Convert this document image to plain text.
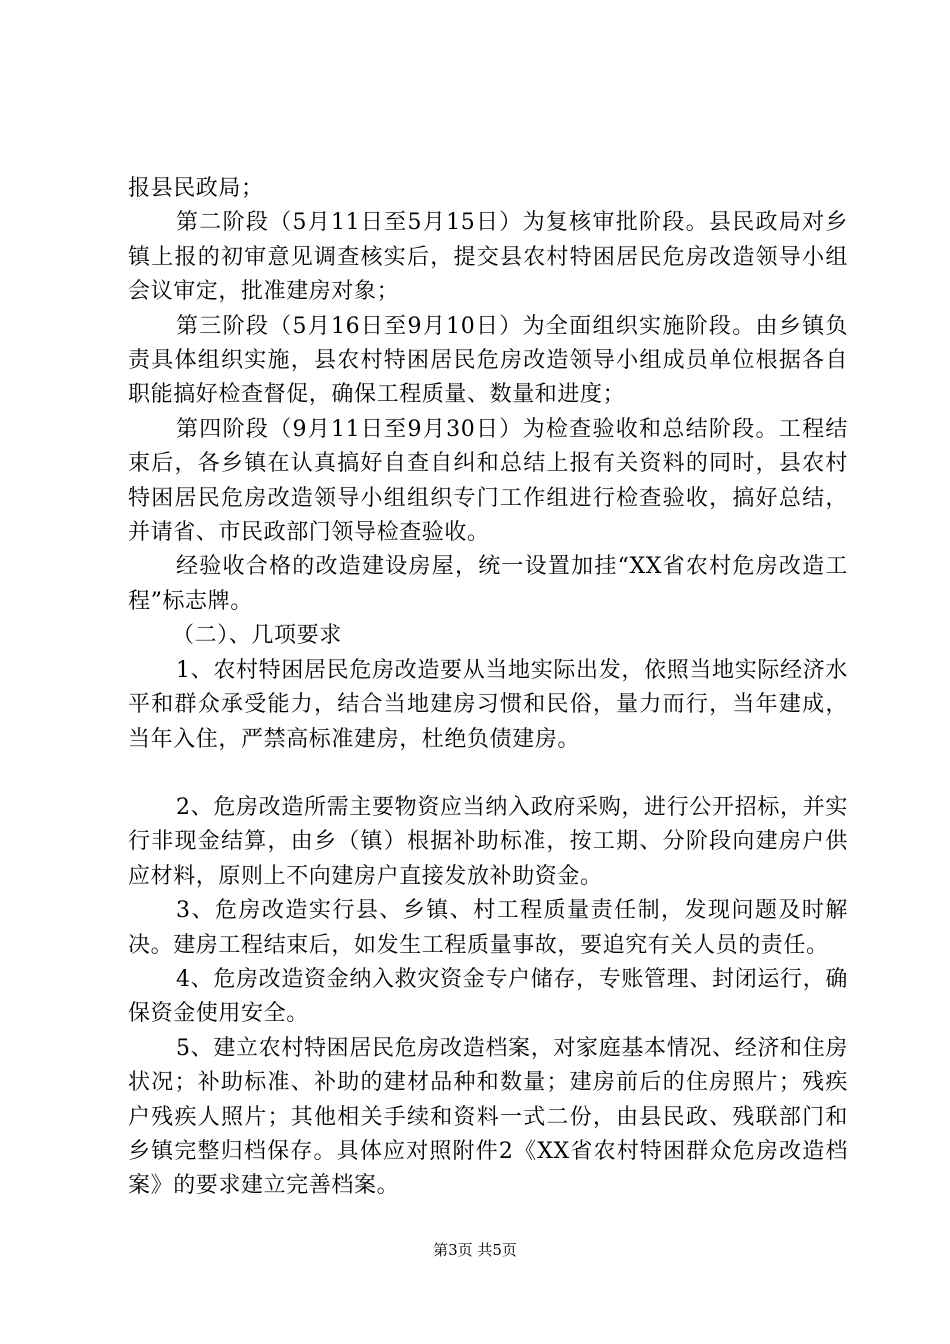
报县民政局；

第二阶段（5月11日至5月15日）为复核审批阶段。县民政局对乡镇上报的初审意见调查核实后，提交县农村特困居民危房改造领导小组会议审定，批准建房对象；

第三阶段（5月16日至9月10日）为全面组织实施阶段。由乡镇负责具体组织实施，县农村特困居民危房改造领导小组成员单位根据各自职能搞好检查督促，确保工程质量、数量和进度；

第四阶段（9月11日至9月30日）为检查验收和总结阶段。工程结束后，各乡镇在认真搞好自查自纠和总结上报有关资料的同时，县农村特困居民危房改造领导小组组织专门工作组进行检查验收，搞好总结，并请省、市民政部门领导检查验收。

经验收合格的改造建设房屋，统一设置加挂“XX省农村危房改造工程”标志牌。

（二）、几项要求

1、农村特困居民危房改造要从当地实际出发，依照当地实际经济水平和群众承受能力，结合当地建房习惯和民俗，量力而行，当年建成，当年入住，严禁高标准建房，杜绝负债建房。

2、危房改造所需主要物资应当纳入政府采购，进行公开招标，并实行非现金结算，由乡（镇）根据补助标准，按工期、分阶段向建房户供应材料，原则上不向建房户直接发放补助资金。

3、危房改造实行县、乡镇、村工程质量责任制，发现问题及时解决。建房工程结束后，如发生工程质量事故，要追究有关人员的责任。

4、危房改造资金纳入救灾资金专户储存，专账管理、封闭运行，确保资金使用安全。

5、建立农村特困居民危房改造档案，对家庭基本情况、经济和住房状况；补助标准、补助的建材品种和数量；建房前后的住房照片；残疾户残疾人照片；其他相关手续和资料一式二份，由县民政、残联部门和乡镇完整归档保存。具体应对照附件2《XX省农村特困群众危房改造档案》的要求建立完善档案。

第3页 共5页
